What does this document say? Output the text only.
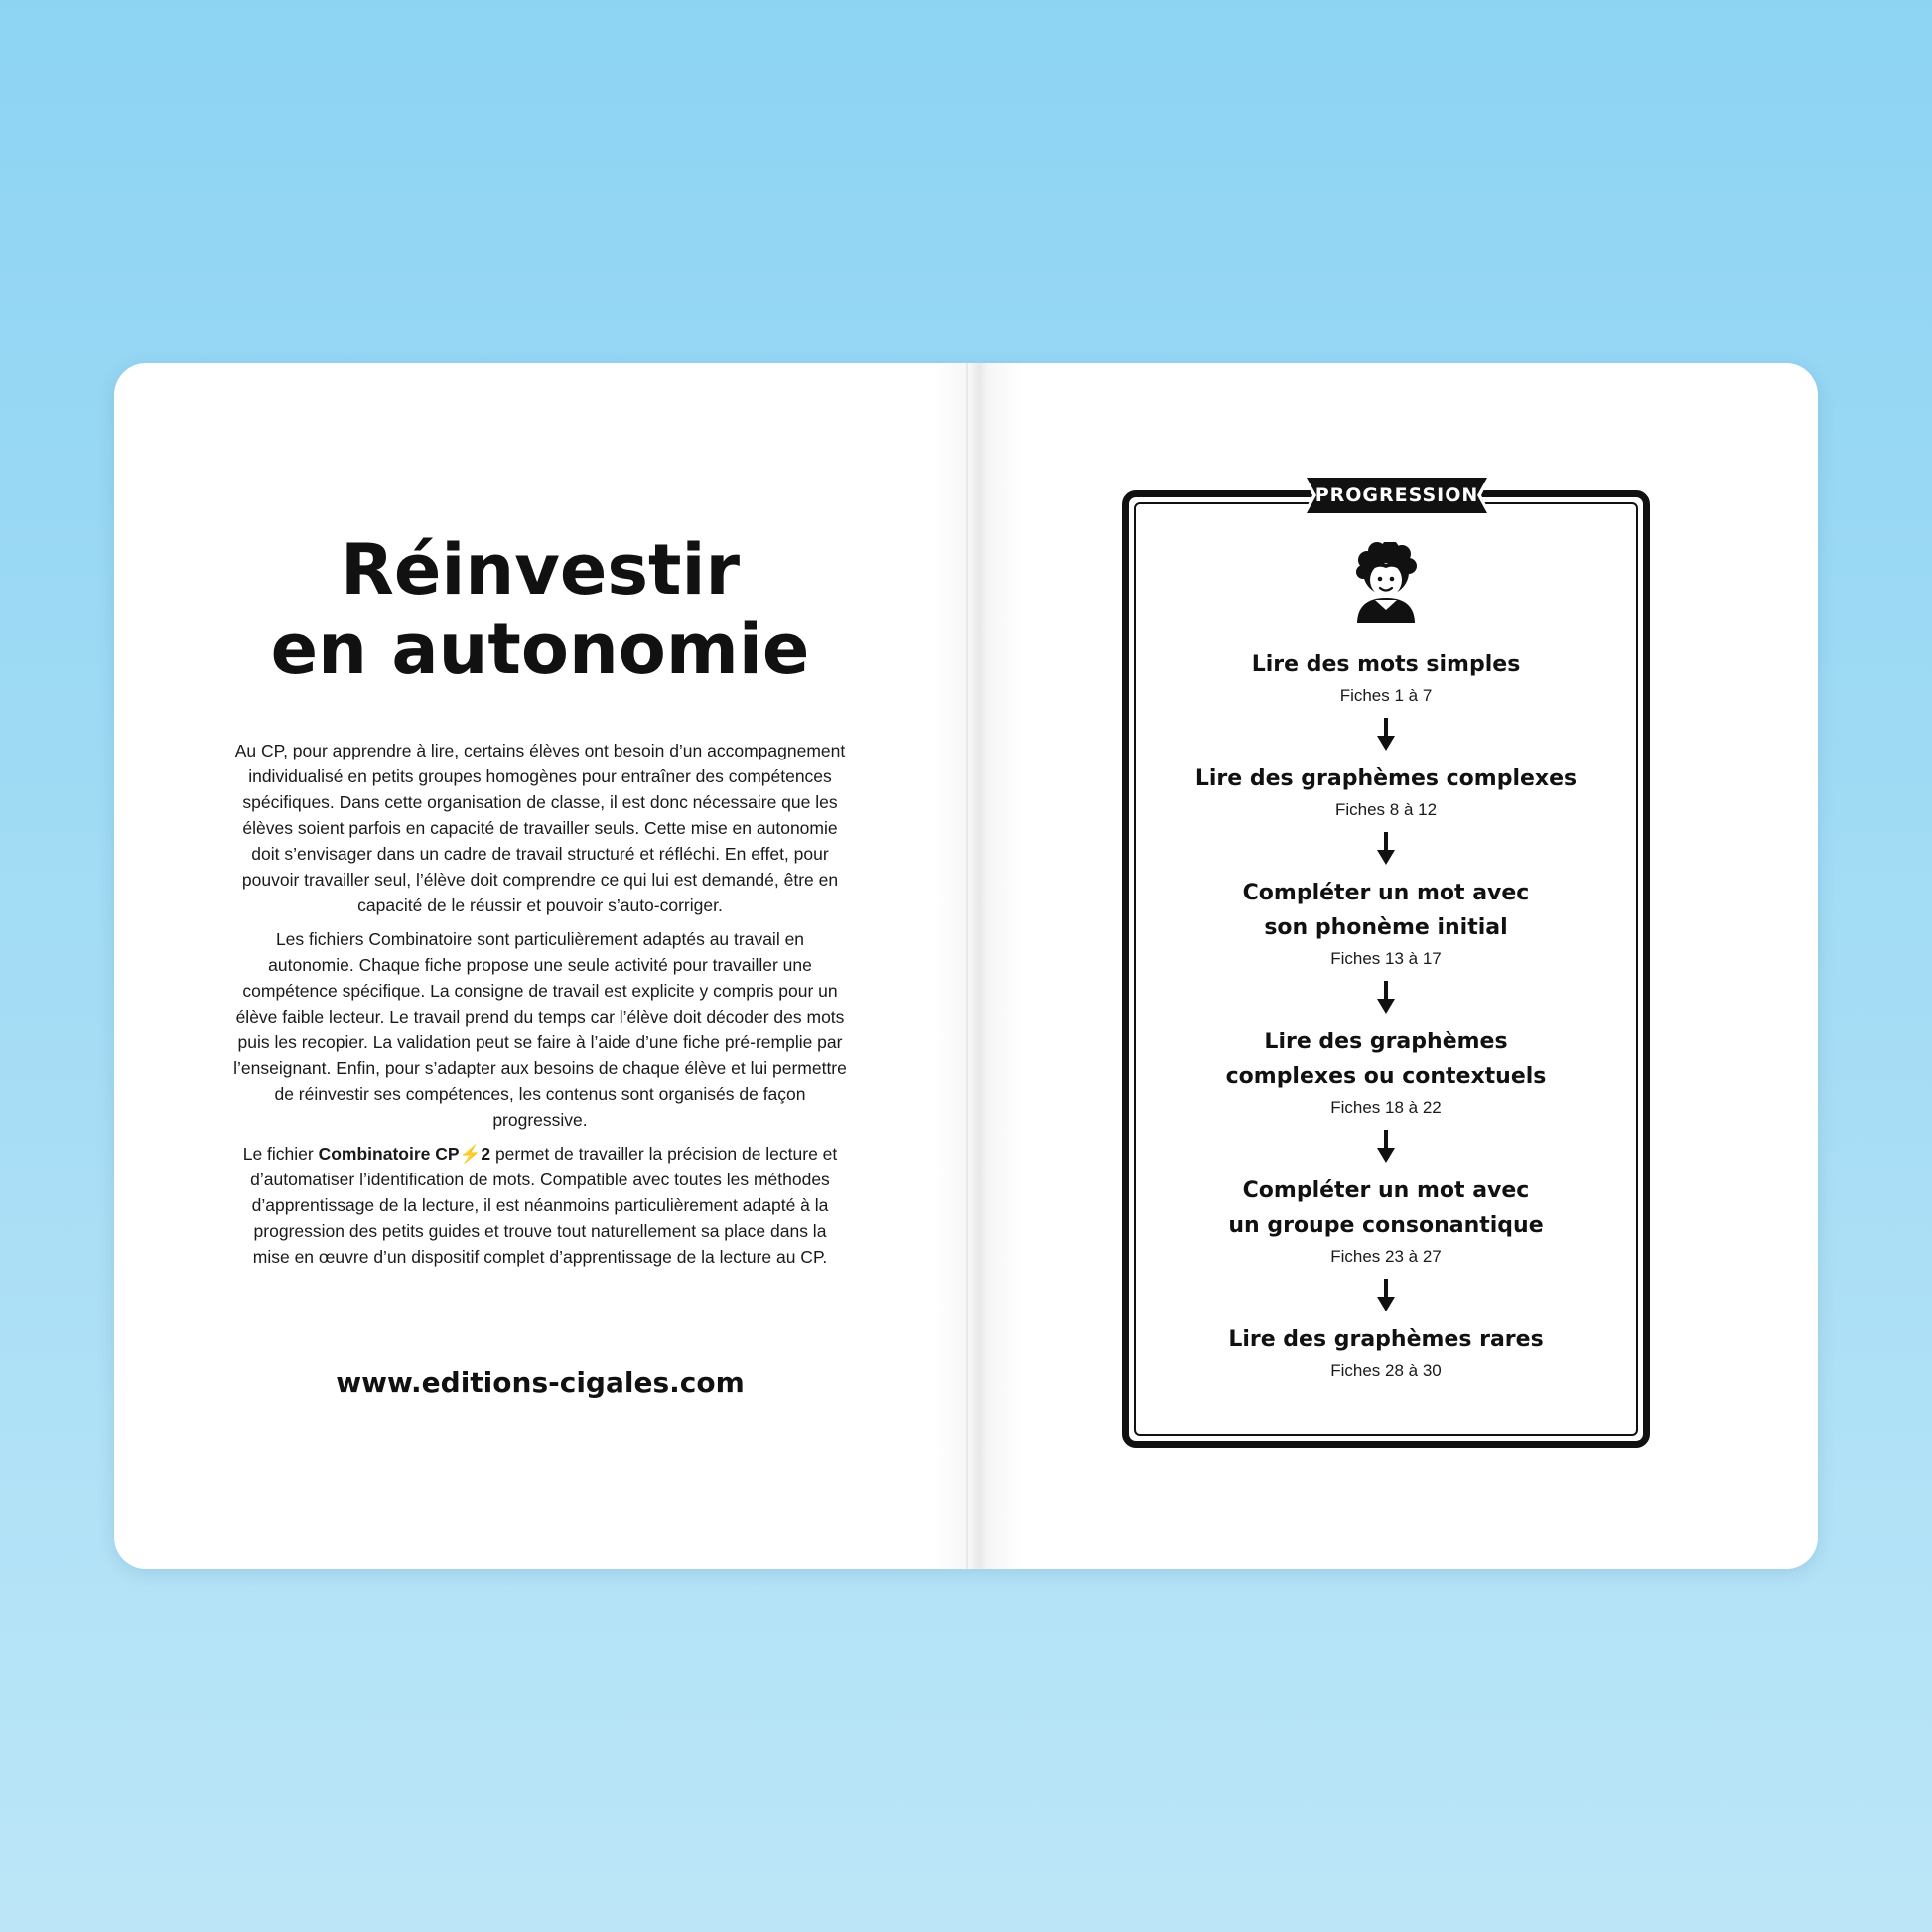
Réinvestir
en autonomie

Au CP, pour apprendre à lire, certains élèves ont besoin d’un accompagnement individualisé en petits groupes homogènes pour entraîner des compétences spécifiques. Dans cette organisation de classe, il est donc nécessaire que les élèves soient parfois en capacité de travailler seuls. Cette mise en autonomie doit s’envisager dans un cadre de travail structuré et réfléchi. En effet, pour pouvoir travailler seul, l’élève doit comprendre ce qui lui est demandé, être en capacité de le réussir et pouvoir s’auto-corriger.

Les fichiers Combinatoire sont particulièrement adaptés au travail en autonomie. Chaque fiche propose une seule activité pour travailler une compétence spécifique. La consigne de travail est explicite y compris pour un élève faible lecteur. Le travail prend du temps car l’élève doit décoder des mots puis les recopier. La validation peut se faire à l’aide d’une fiche pré-remplie par l’enseignant. Enfin, pour s’adapter aux besoins de chaque élève et lui permettre de réinvestir ses compétences, les contenus sont organisés de façon progressive.

Le fichier Combinatoire CP⚡2 permet de travailler la précision de lecture et d’automatiser l’identification de mots. Compatible avec toutes les méthodes d’apprentissage de la lecture, il est néanmoins particulièrement adapté à la progression des petits guides et trouve tout naturellement sa place dans la mise en œuvre d’un dispositif complet d’apprentissage de la lecture au CP.

www.editions-cigales.com
PROGRESSION
Lire des mots simples
Fiches 1 à 7
Lire des graphèmes complexes
Fiches 8 à 12
Compléter un mot avec
son phonème initial
Fiches 13 à 17
Lire des graphèmes
complexes ou contextuels
Fiches 18 à 22
Compléter un mot avec
un groupe consonantique
Fiches 23 à 27
Lire des graphèmes rares
Fiches 28 à 30
